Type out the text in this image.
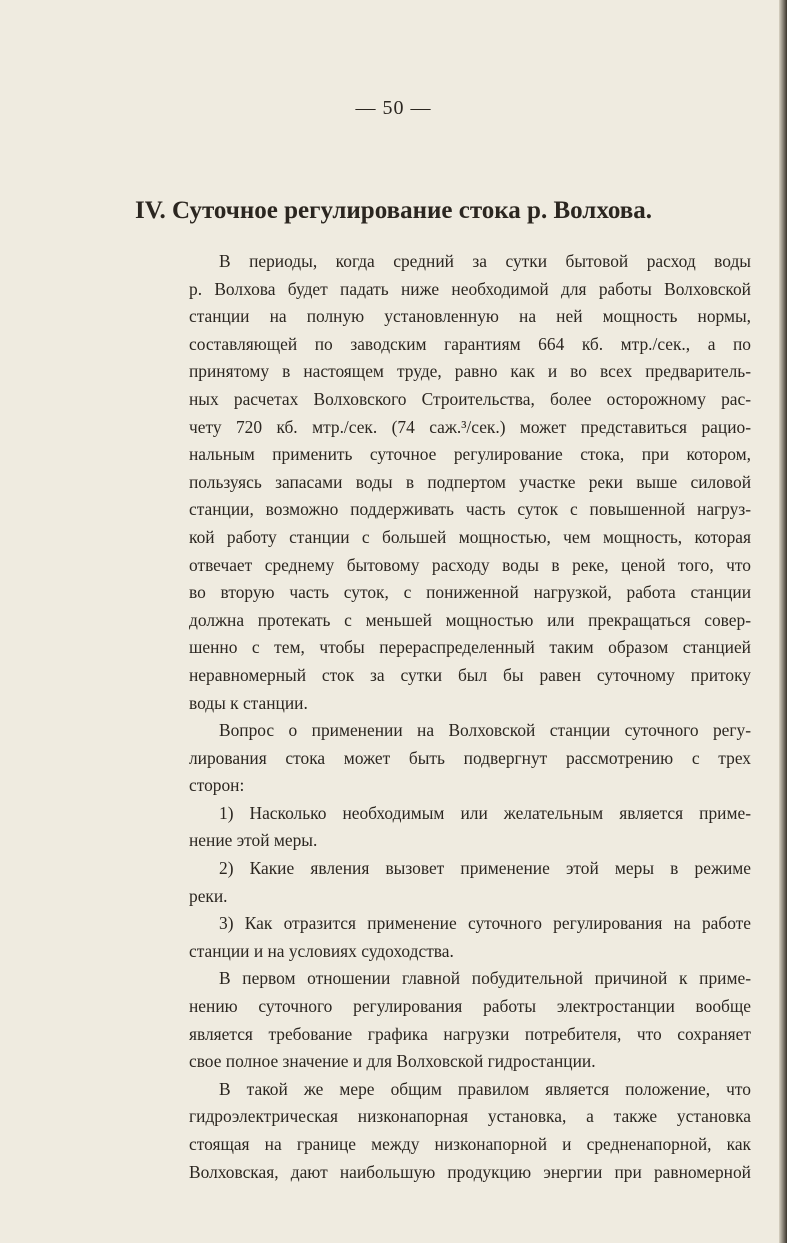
— 50 —
IV. Суточное регулирование стока р. Волхова.
В периоды, когда средний за сутки бытовой расход воды
р. Волхова будет падать ниже необходимой для работы Волховской
станции на полную установленную на ней мощность нормы,
составляющей по заводским гарантиям 664 кб. мтр./сек., а по
принятому в настоящем труде, равно как и во всех предваритель-
ных расчетах Волховского Строительства, более осторожному рас-
чету 720 кб. мтр./сек. (74 саж.³/сек.) может представиться рацио-
нальным применить суточное регулирование стока, при котором,
пользуясь запасами воды в подпертом участке реки выше силовой
станции, возможно поддерживать часть суток с повышенной нагруз-
кой работу станции с большей мощностью, чем мощность, которая
отвечает среднему бытовому расходу воды в реке, ценой того, что
во вторую часть суток, с пониженной нагрузкой, работа станции
должна протекать с меньшей мощностью или прекращаться совер-
шенно с тем, чтобы перераспределенный таким образом станцией
неравномерный сток за сутки был бы равен суточному притоку
воды к станции.
Вопрос о применении на Волховской станции суточного регу-
лирования стока может быть подвергнут рассмотрению с трех
сторон:
1) Насколько необходимым или желательным является приме-
нение этой меры.
2) Какие явления вызовет применение этой меры в режиме
реки.
3) Как отразится применение суточного регулирования на работе
станции и на условиях судоходства.
В первом отношении главной побудительной причиной к приме-
нению суточного регулирования работы электростанции вообще
является требование графика нагрузки потребителя, что сохраняет
свое полное значение и для Волховской гидростанции.
В такой же мере общим правилом является положение, что
гидроэлектрическая низконапорная установка, а также установка
стоящая на границе между низконапорной и средненапорной, как
Волховская, дают наибольшую продукцию энергии при равномерной
